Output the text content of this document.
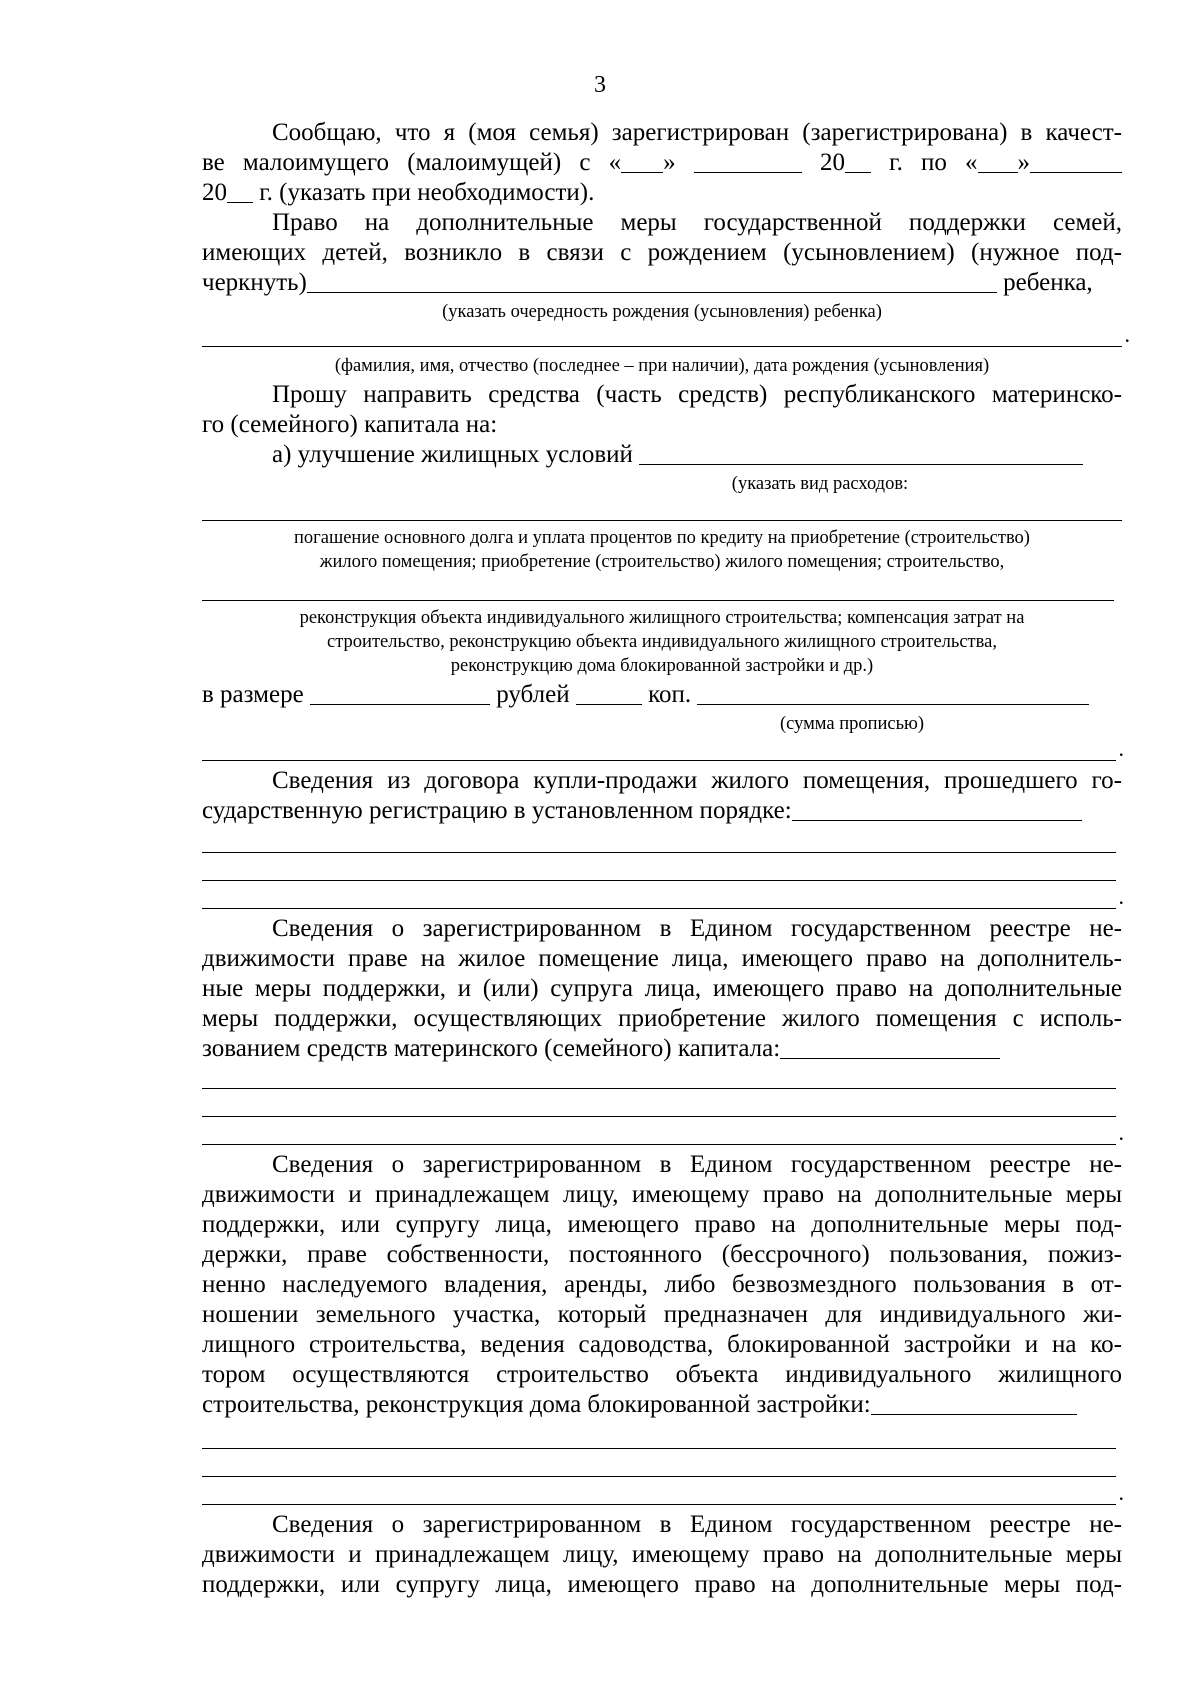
3
Сообщаю, что я (моя семья) зарегистрирован (зарегистрирована) в качест-
ве малоимущего (малоимущей) с « »	20 г. по « »
20 г. (указать при необходимости).
Право на дополнительные меры государственной поддержки семей,
имеющих детей, возникло в связи с рождением (усыновлением) (нужное под-
черкнуть)	ребенка,
(указать очередность рождения (усыновления) ребенка)
.
(фамилия, имя, отчество (последнее – при наличии), дата рождения (усыновления)
Прошу направить средства (часть средств) республиканского материнско-
го (семейного) капитала на:
а) улучшение жилищных условий
(указать вид расходов:
погашение основного долга и уплата процентов по кредиту на приобретение (строительство)
жилого помещения; приобретение (строительство) жилого помещения; строительство,
реконструкция объекта индивидуального жилищного строительства; компенсация затрат на
строительство, реконструкцию объекта индивидуального жилищного строительства,
реконструкцию дома блокированной застройки и др.)
в размере	рублей	коп.
(сумма прописью)
.
Сведения из договора купли-продажи жилого помещения, прошедшего го-
сударственную регистрацию в установленном порядке:
.
Сведения о зарегистрированном в Едином государственном реестре не-
движимости праве на жилое помещение лица, имеющего право на дополнитель-
ные меры поддержки, и (или) супруга лица, имеющего право на дополнительные
меры поддержки, осуществляющих приобретение жилого помещения с исполь-
зованием средств материнского (семейного) капитала:
.
Сведения о зарегистрированном в Едином государственном реестре не-
движимости и принадлежащем лицу, имеющему право на дополнительные меры
поддержки, или супругу лица, имеющего право на дополнительные меры под-
держки, праве собственности, постоянного (бессрочного) пользования, пожиз-
ненно наследуемого владения, аренды, либо безвозмездного пользования в от-
ношении земельного участка, который предназначен для индивидуального жи-
лищного строительства, ведения садоводства, блокированной застройки и на ко-
тором осуществляются строительство объекта индивидуального жилищного
строительства, реконструкция дома блокированной застройки:
.
Сведения о зарегистрированном в Едином государственном реестре не-
движимости и принадлежащем лицу, имеющему право на дополнительные меры
поддержки, или супругу лица, имеющего право на дополнительные меры под-
